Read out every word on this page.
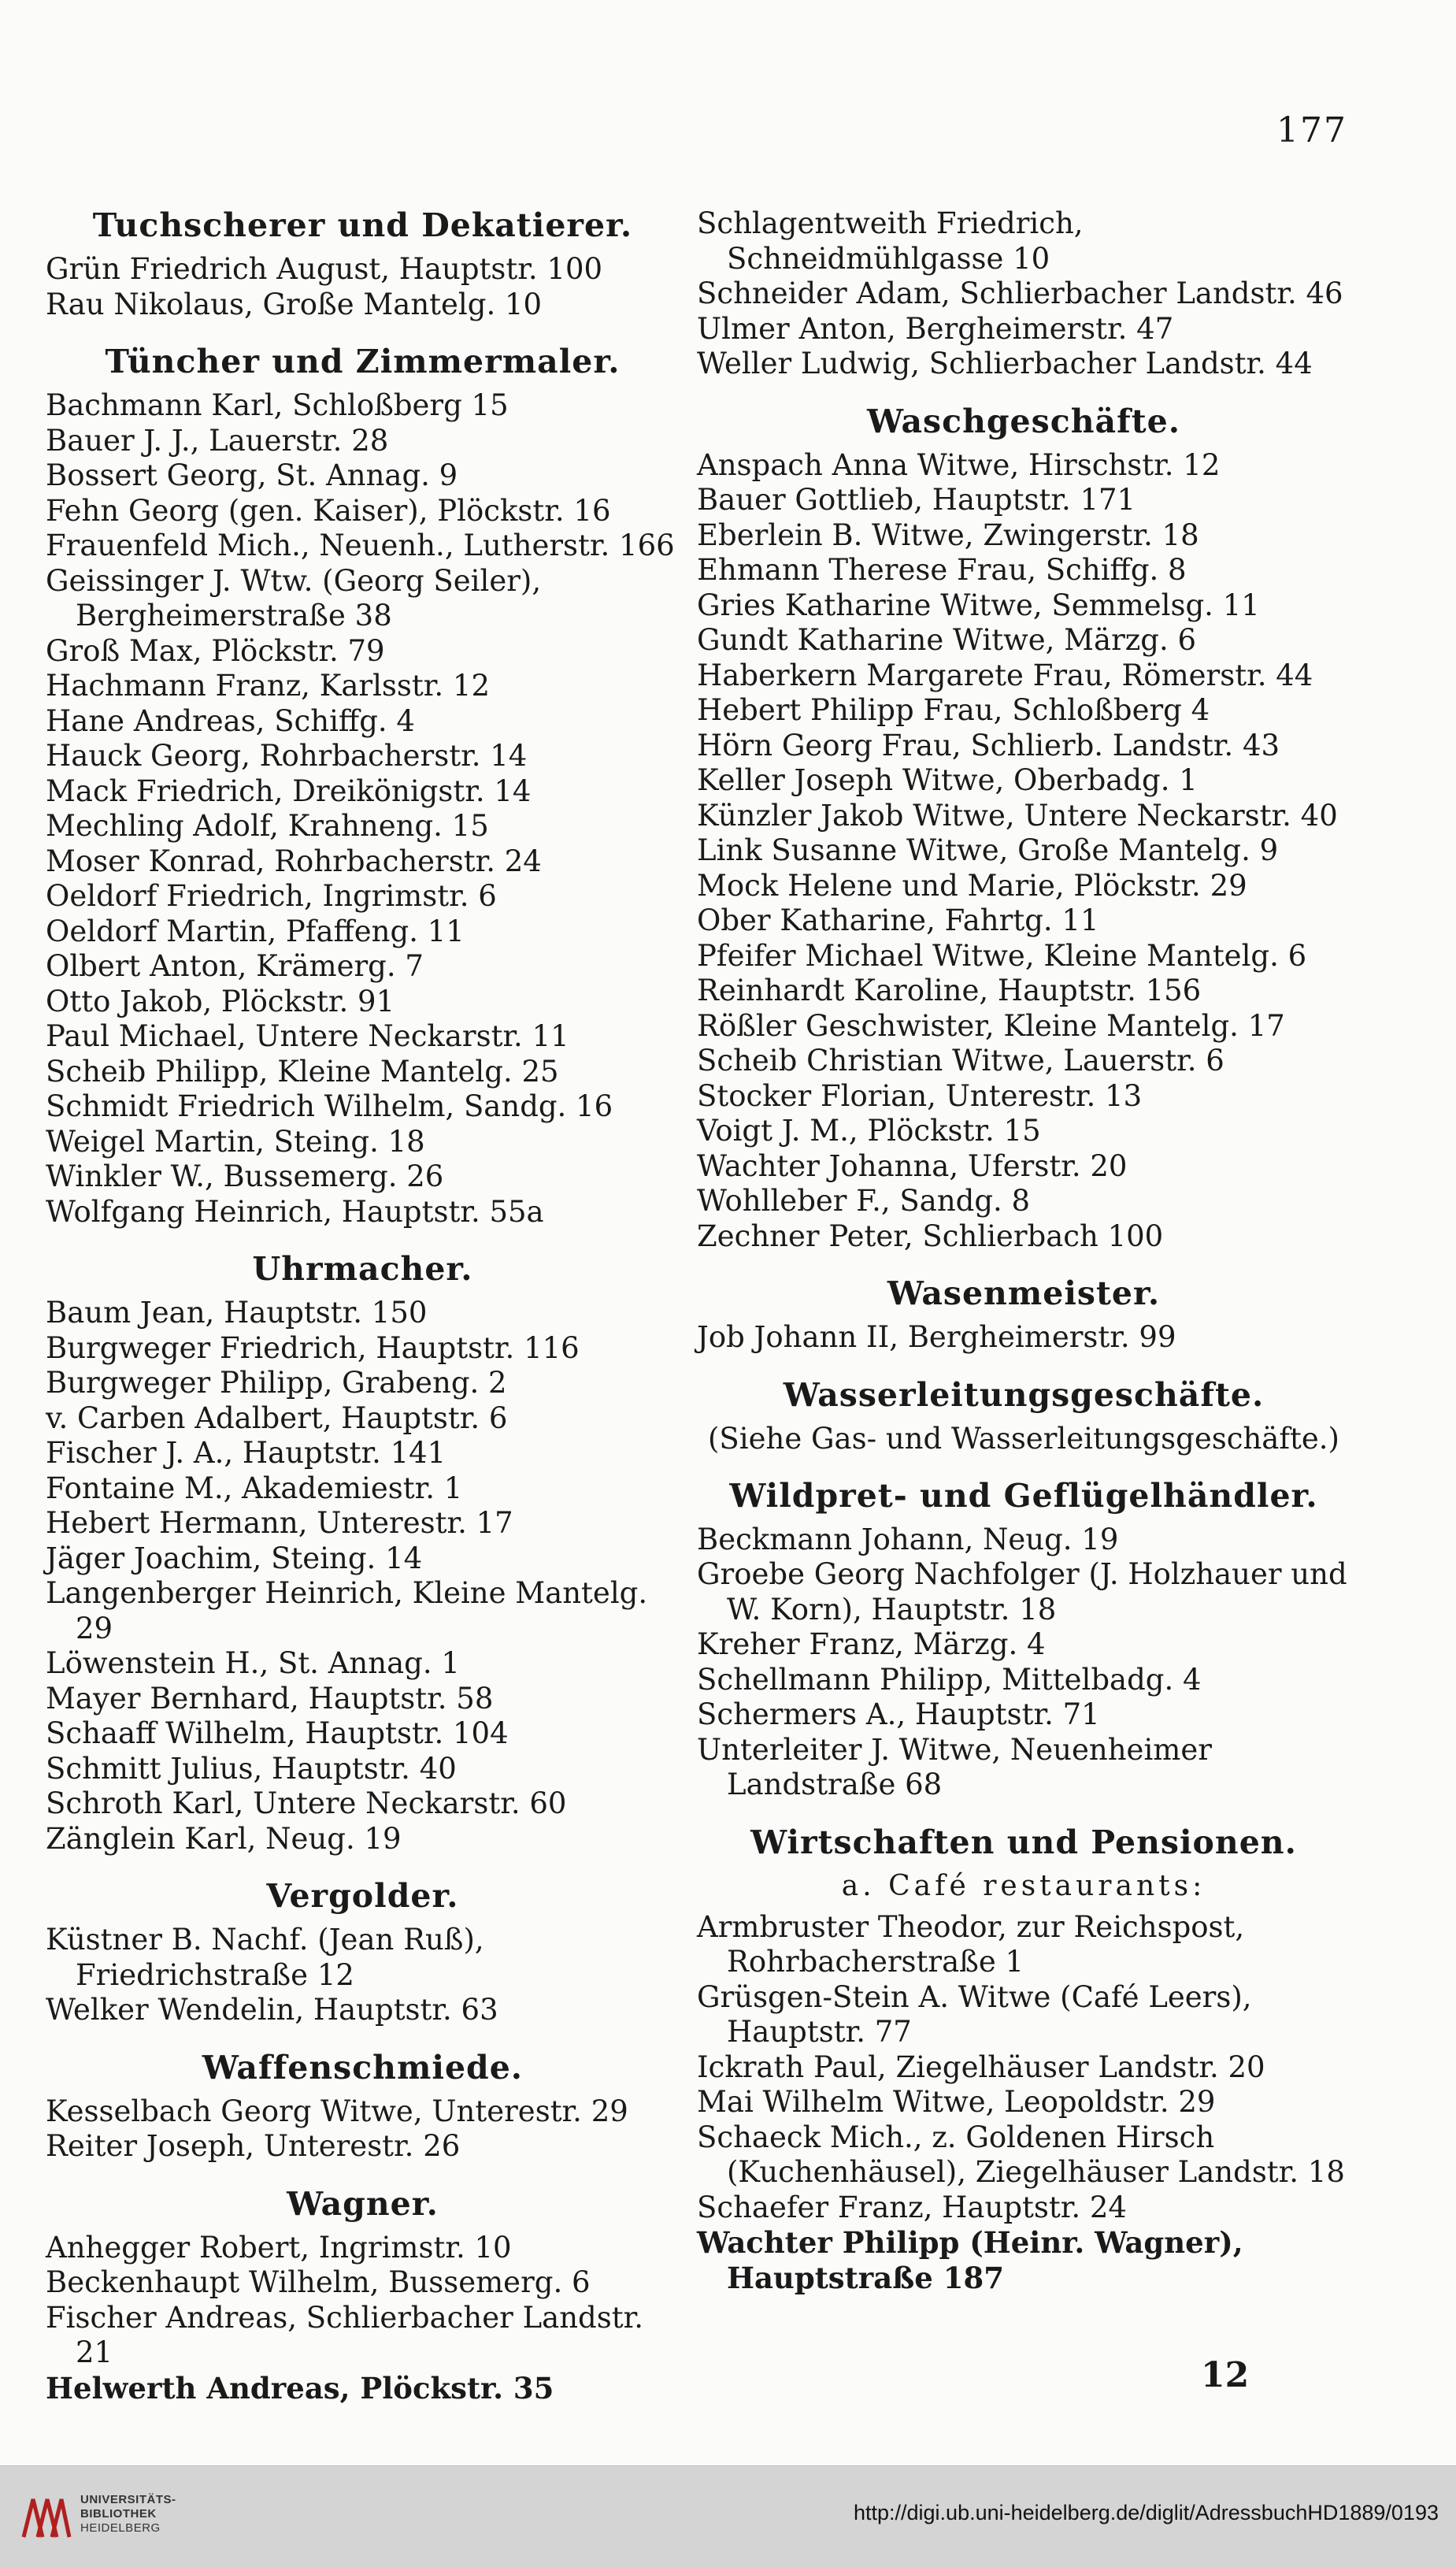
177
Tuchscherer und Dekatierer.
Grün Friedrich August, Hauptstr. 100
Rau Nikolaus, Große Mantelg. 10
Tüncher und Zimmermaler.
Bachmann Karl, Schloßberg 15
Bauer J. J., Lauerstr. 28
Bossert Georg, St. Annag. 9
Fehn Georg (gen. Kaiser), Plöckstr. 16
Frauenfeld Mich., Neuenh., Lutherstr. 166
Geissinger J. Wtw. (Georg Seiler), Bergheimerstraße 38
Groß Max, Plöckstr. 79
Hachmann Franz, Karlsstr. 12
Hane Andreas, Schiffg. 4
Hauck Georg, Rohrbacherstr. 14
Mack Friedrich, Dreikönigstr. 14
Mechling Adolf, Krahneng. 15
Moser Konrad, Rohrbacherstr. 24
Oeldorf Friedrich, Ingrimstr. 6
Oeldorf Martin, Pfaffeng. 11
Olbert Anton, Krämerg. 7
Otto Jakob, Plöckstr. 91
Paul Michael, Untere Neckarstr. 11
Scheib Philipp, Kleine Mantelg. 25
Schmidt Friedrich Wilhelm, Sandg. 16
Weigel Martin, Steing. 18
Winkler W., Bussemerg. 26
Wolfgang Heinrich, Hauptstr. 55a
Uhrmacher.
Baum Jean, Hauptstr. 150
Burgweger Friedrich, Hauptstr. 116
Burgweger Philipp, Grabeng. 2
v. Carben Adalbert, Hauptstr. 6
Fischer J. A., Hauptstr. 141
Fontaine M., Akademiestr. 1
Hebert Hermann, Unterestr. 17
Jäger Joachim, Steing. 14
Langenberger Heinrich, Kleine Mantelg. 29
Löwenstein H., St. Annag. 1
Mayer Bernhard, Hauptstr. 58
Schaaff Wilhelm, Hauptstr. 104
Schmitt Julius, Hauptstr. 40
Schroth Karl, Untere Neckarstr. 60
Zänglein Karl, Neug. 19
Vergolder.
Küstner B. Nachf. (Jean Ruß), Friedrichstraße 12
Welker Wendelin, Hauptstr. 63
Waffenschmiede.
Kesselbach Georg Witwe, Unterestr. 29
Reiter Joseph, Unterestr. 26
Wagner.
Anhegger Robert, Ingrimstr. 10
Beckenhaupt Wilhelm, Bussemerg. 6
Fischer Andreas, Schlierbacher Landstr. 21
Helwerth Andreas, Plöckstr. 35
Schlagentweith Friedrich, Schneidmühlgasse 10
Schneider Adam, Schlierbacher Landstr. 46
Ulmer Anton, Bergheimerstr. 47
Weller Ludwig, Schlierbacher Landstr. 44
Waschgeschäfte.
Anspach Anna Witwe, Hirschstr. 12
Bauer Gottlieb, Hauptstr. 171
Eberlein B. Witwe, Zwingerstr. 18
Ehmann Therese Frau, Schiffg. 8
Gries Katharine Witwe, Semmelsg. 11
Gundt Katharine Witwe, Märzg. 6
Haberkern Margarete Frau, Römerstr. 44
Hebert Philipp Frau, Schloßberg 4
Hörn Georg Frau, Schlierb. Landstr. 43
Keller Joseph Witwe, Oberbadg. 1
Künzler Jakob Witwe, Untere Neckarstr. 40
Link Susanne Witwe, Große Mantelg. 9
Mock Helene und Marie, Plöckstr. 29
Ober Katharine, Fahrtg. 11
Pfeifer Michael Witwe, Kleine Mantelg. 6
Reinhardt Karoline, Hauptstr. 156
Rößler Geschwister, Kleine Mantelg. 17
Scheib Christian Witwe, Lauerstr. 6
Stocker Florian, Unterestr. 13
Voigt J. M., Plöckstr. 15
Wachter Johanna, Uferstr. 20
Wohlleber F., Sandg. 8
Zechner Peter, Schlierbach 100
Wasenmeister.
Job Johann II, Bergheimerstr. 99
Wasserleitungsgeschäfte.
(Siehe Gas- und Wasserleitungsgeschäfte.)
Wildpret- und Geflügelhändler.
Beckmann Johann, Neug. 19
Groebe Georg Nachfolger (J. Holzhauer und W. Korn), Hauptstr. 18
Kreher Franz, Märzg. 4
Schellmann Philipp, Mittelbadg. 4
Schermers A., Hauptstr. 71
Unterleiter J. Witwe, Neuenheimer Landstraße 68
Wirtschaften und Pensionen.
a. Café restaurants:
Armbruster Theodor, zur Reichspost, Rohrbacherstraße 1
Grüsgen-Stein A. Witwe (Café Leers), Hauptstr. 77
Ickrath Paul, Ziegelhäuser Landstr. 20
Mai Wilhelm Witwe, Leopoldstr. 29
Schaeck Mich., z. Goldenen Hirsch (Kuchenhäusel), Ziegelhäuser Landstr. 18
Schaefer Franz, Hauptstr. 24
Wachter Philipp (Heinr. Wagner), Hauptstraße 187
12
UNIVERSITÄTS-
BIBLIOTHEK
HEIDELBERG
http://digi.ub.uni-heidelberg.de/diglit/AdressbuchHD1889/0193
